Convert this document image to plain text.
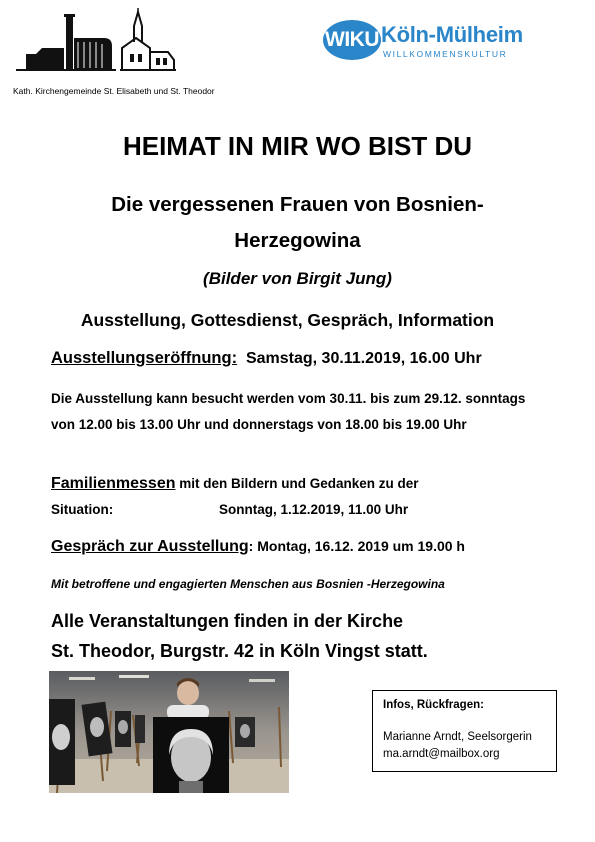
Kath. Kirchengemeinde St. Elisabeth und St. Theodor
WIKU Köln-Mülheim
WILLKOMMENSKULTUR
HEIMAT IN MIR WO BIST DU
Die vergessenen Frauen von Bosnien-Herzegowina
(Bilder von Birgit Jung)
Ausstellung, Gottesdienst, Gespräch, Information
Ausstellungseröffnung: Samstag, 30.11.2019, 16.00 Uhr
Die Ausstellung kann besucht werden vom 30.11. bis zum 29.12. sonntags von 12.00 bis 13.00 Uhr und donnerstags von 18.00 bis 19.00 Uhr
Familienmessen mit den Bildern und Gedanken zu der
Situation:	Sonntag, 1.12.2019, 11.00 Uhr
Gespräch zur Ausstellung: Montag, 16.12. 2019 um 19.00 h
Mit betroffene und engagierten Menschen aus Bosnien -Herzegowina
Alle Veranstaltungen finden in der Kirche
St. Theodor, Burgstr. 42 in Köln Vingst statt.
Infos, Rückfragen:
Marianne Arndt, Seelsorgerin
ma.arndt@mailbox.org
